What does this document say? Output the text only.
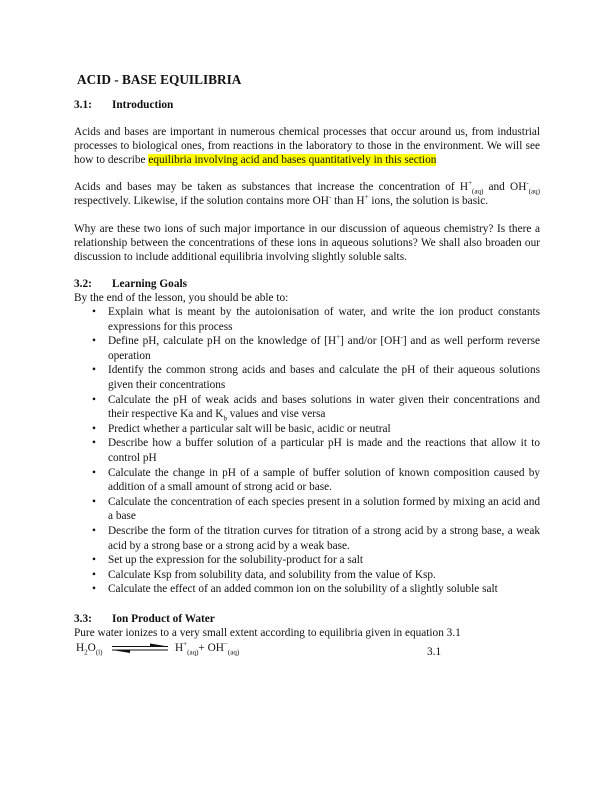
ACID - BASE EQUILIBRIA
3.1: Introduction

Acids and bases are important in numerous chemical processes that occur around us, from industrial processes to biological ones, from reactions in the laboratory to those in the environment. We will see how to describe equilibria involving acid and bases quantitatively in this section

Acids and bases may be taken as substances that increase the concentration of $H^+_{(aq)}$ and $OH^-_{(aq)}$ respectively. Likewise, if the solution contains more OH- than H+ ions, the solution is basic.

Why are these two ions of such major importance in our discussion of aqueous chemistry? Is there a relationship between the concentrations of these ions in aqueous solutions? We shall also broaden our discussion to include additional equilibria involving slightly soluble salts.

3.2: Learning Goals

By the end of the lesson, you should be able to:

• Explain what is meant by the autoionisation of water, and write the ion product constants expressions for this process
• Define pH, calculate pH on the knowledge of [H+] and/or [OH-] and as well perform reverse operation
• Identify the common strong acids and bases and calculate the pH of their aqueous solutions given their concentrations
• Calculate the pH of weak acids and bases solutions in water given their concentrations and their respective Ka and $K_b$ values and vise versa
• Predict whether a particular salt will be basic, acidic or neutral
• Describe how a buffer solution of a particular pH is made and the reactions that allow it to control pH
• Calculate the change in pH of a sample of buffer solution of known composition caused by addition of a small amount of strong acid or base.
• Calculate the concentration of each species present in a solution formed by mixing an acid and a base
• Describe the form of the titration curves for titration of a strong acid by a strong base, a weak acid by a strong base or a strong acid by a weak base.
• Set up the expression for the solubility-product for a salt
• Calculate Ksp from solubility data, and solubility from the value of Ksp.
• Calculate the effect of an added common ion on the solubility of a slightly soluble salt
3.3: Ion Product of Water

Pure water ionizes to a very small extent according to equilibria given in equation 3.1

$H_2O_{(l)}$	$H^+_{(aq)}+ OH^-_{(aq)}$	3.1
